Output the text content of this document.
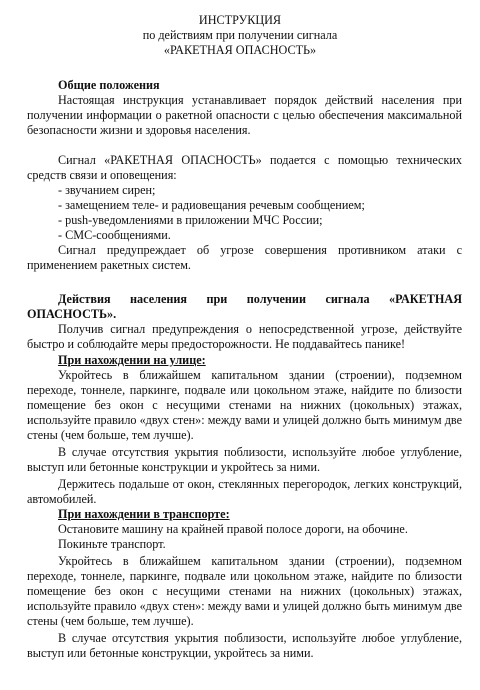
ИНСТРУКЦИЯ

по действиям при получении сигнала

«РАКЕТНАЯ ОПАСНОСТЬ»

Общие положения

Настоящая инструкция устанавливает порядок действий населения при

получении информации о ракетной опасности с целью обеспечения максимальной

безопасности жизни и здоровья населения.

Сигнал «РАКЕТНАЯ ОПАСНОСТЬ» подается с помощью технических

средств связи и оповещения:

- звучанием сирен;

- замещением теле- и радиовещания речевым сообщением;

- push-уведомлениями в приложении МЧС России;

- СМС-сообщениями.

Сигнал предупреждает об угрозе совершения противником атаки с

применением ракетных систем.

Действия населения при получении сигнала «РАКЕТНАЯ

ОПАСНОСТЬ».

Получив сигнал предупреждения о непосредственной угрозе, действуйте

быстро и соблюдайте меры предосторожности. Не поддавайтесь панике!

При нахождении на улице:

Укройтесь в ближайшем капитальном здании (строении), подземном

переходе, тоннеле, паркинге, подвале или цокольном этаже, найдите по близости

помещение без окон с несущими стенами на нижних (цокольных) этажах,

используйте правило «двух стен»: между вами и улицей должно быть минимум две

стены (чем больше, тем лучше).

В случае отсутствия укрытия поблизости, используйте любое углубление,

выступ или бетонные конструкции и укройтесь за ними.

Держитесь подальше от окон, стеклянных перегородок, легких конструкций,

автомобилей.

При нахождении в транспорте:

Остановите машину на крайней правой полосе дороги, на обочине.

Покиньте транспорт.

Укройтесь в ближайшем капитальном здании (строении), подземном

переходе, тоннеле, паркинге, подвале или цокольном этаже, найдите по близости

помещение без окон с несущими стенами на нижних (цокольных) этажах,

используйте правило «двух стен»: между вами и улицей должно быть минимум две

стены (чем больше, тем лучше).

В случае отсутствия укрытия поблизости, используйте любое углубление,

выступ или бетонные конструкции, укройтесь за ними.
